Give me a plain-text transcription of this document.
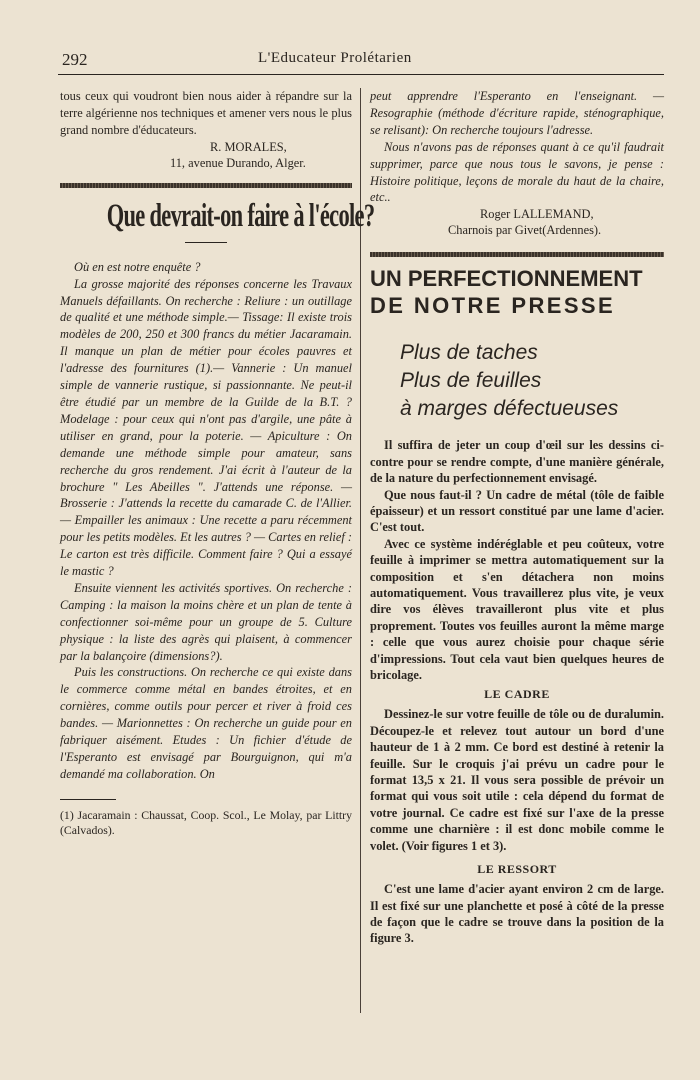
292	L'Educateur Prolétarien

tous ceux qui voudront bien nous aider à répandre sur la terre algérienne nos techniques et amener vers nous le plus grand nombre d'éducateurs.

R. MORALES,
11, avenue Durando, Alger.
Que devrait-on faire à l'école?

Où en est notre enquête ?

La grosse majorité des réponses concerne les Travaux Manuels défaillants. On recherche : Reliure : un outillage de qualité et une méthode simple.— Tissage: Il existe trois modèles de 200, 250 et 300 francs du métier Jacaramain. Il manque un plan de métier pour écoles pauvres et l'adresse des fournitures (1).— Vannerie : Un manuel simple de vannerie rustique, si passionnante. Ne peut-il être étudié par un membre de la Guilde de la B.T. ? Modelage : pour ceux qui n'ont pas d'argile, une pâte à utiliser en grand, pour la poterie. — Apiculture : On demande une méthode simple pour amateur, sans recherche du gros rendement. J'ai écrit à l'auteur de la brochure " Les Abeilles ". J'attends une réponse. — Brosserie : J'attends la recette du camarade C. de l'Allier. — Empailler les animaux : Une recette a paru récemment pour les petits modèles. Et les autres ? — Cartes en relief : Le carton est très difficile. Comment faire ? Qui a essayé le mastic ?

Ensuite viennent les activités sportives. On recherche : Camping : la maison la moins chère et un plan de tente à confectionner soi-même pour un groupe de 5. Culture physique : la liste des agrès qui plaisent, à commencer par la balançoire (dimensions?).

Puis les constructions. On recherche ce qui existe dans le commerce comme métal en bandes étroites, et en cornières, comme outils pour percer et river à froid ces bandes. — Marionnettes : On recherche un guide pour en fabriquer aisément. Etudes : Un fichier d'étude de l'Esperanto est envisagé par Bourguignon, qui m'a demandé ma collaboration. On

(1) Jacaramain : Chaussat, Coop. Scol., Le Molay, par Littry (Calvados).

peut apprendre l'Esperanto en l'enseignant. — Resographie (méthode d'écriture rapide, sténographique, se relisant): On recherche toujours l'adresse.

Nous n'avons pas de réponses quant à ce qu'il faudrait supprimer, parce que nous tous le savons, je pense : Histoire politique, leçons de morale du haut de la chaire, etc..

Roger LALLEMAND,
Charnois par Givet(Ardennes).
UN PERFECTIONNEMENT
DE NOTRE PRESSE
Plus de taches
Plus de feuilles
à marges défectueuses

Il suffira de jeter un coup d'œil sur les dessins ci-contre pour se rendre compte, d'une manière générale, de la nature du perfectionnement envisagé.

Que nous faut-il ? Un cadre de métal (tôle de faible épaisseur) et un ressort constitué par une lame d'acier. C'est tout.

Avec ce système indéréglable et peu coûteux, votre feuille à imprimer se mettra automatiquement sur la composition et s'en détachera non moins automatiquement. Vous travaillerez plus vite, je veux dire vos élèves travailleront plus vite et plus proprement. Toutes vos feuilles auront la même marge : celle que vous aurez choisie pour chaque série d'impressions. Tout cela vaut bien quelques heures de bricolage.

LE CADRE

Dessinez-le sur votre feuille de tôle ou de duralumin. Découpez-le et relevez tout autour un bord d'une hauteur de 1 à 2 mm. Ce bord est destiné à retenir la feuille. Sur le croquis j'ai prévu un cadre pour le format 13,5 x 21. Il vous sera possible de prévoir un format qui vous soit utile : cela dépend du format de votre journal. Ce cadre est fixé sur l'axe de la presse comme une charnière : il est donc mobile comme le volet. (Voir figures 1 et 3).

LE RESSORT

C'est une lame d'acier ayant environ 2 cm de large. Il est fixé sur une planchette et posé à côté de la presse de façon que le cadre se trouve dans la position de la figure 3.
